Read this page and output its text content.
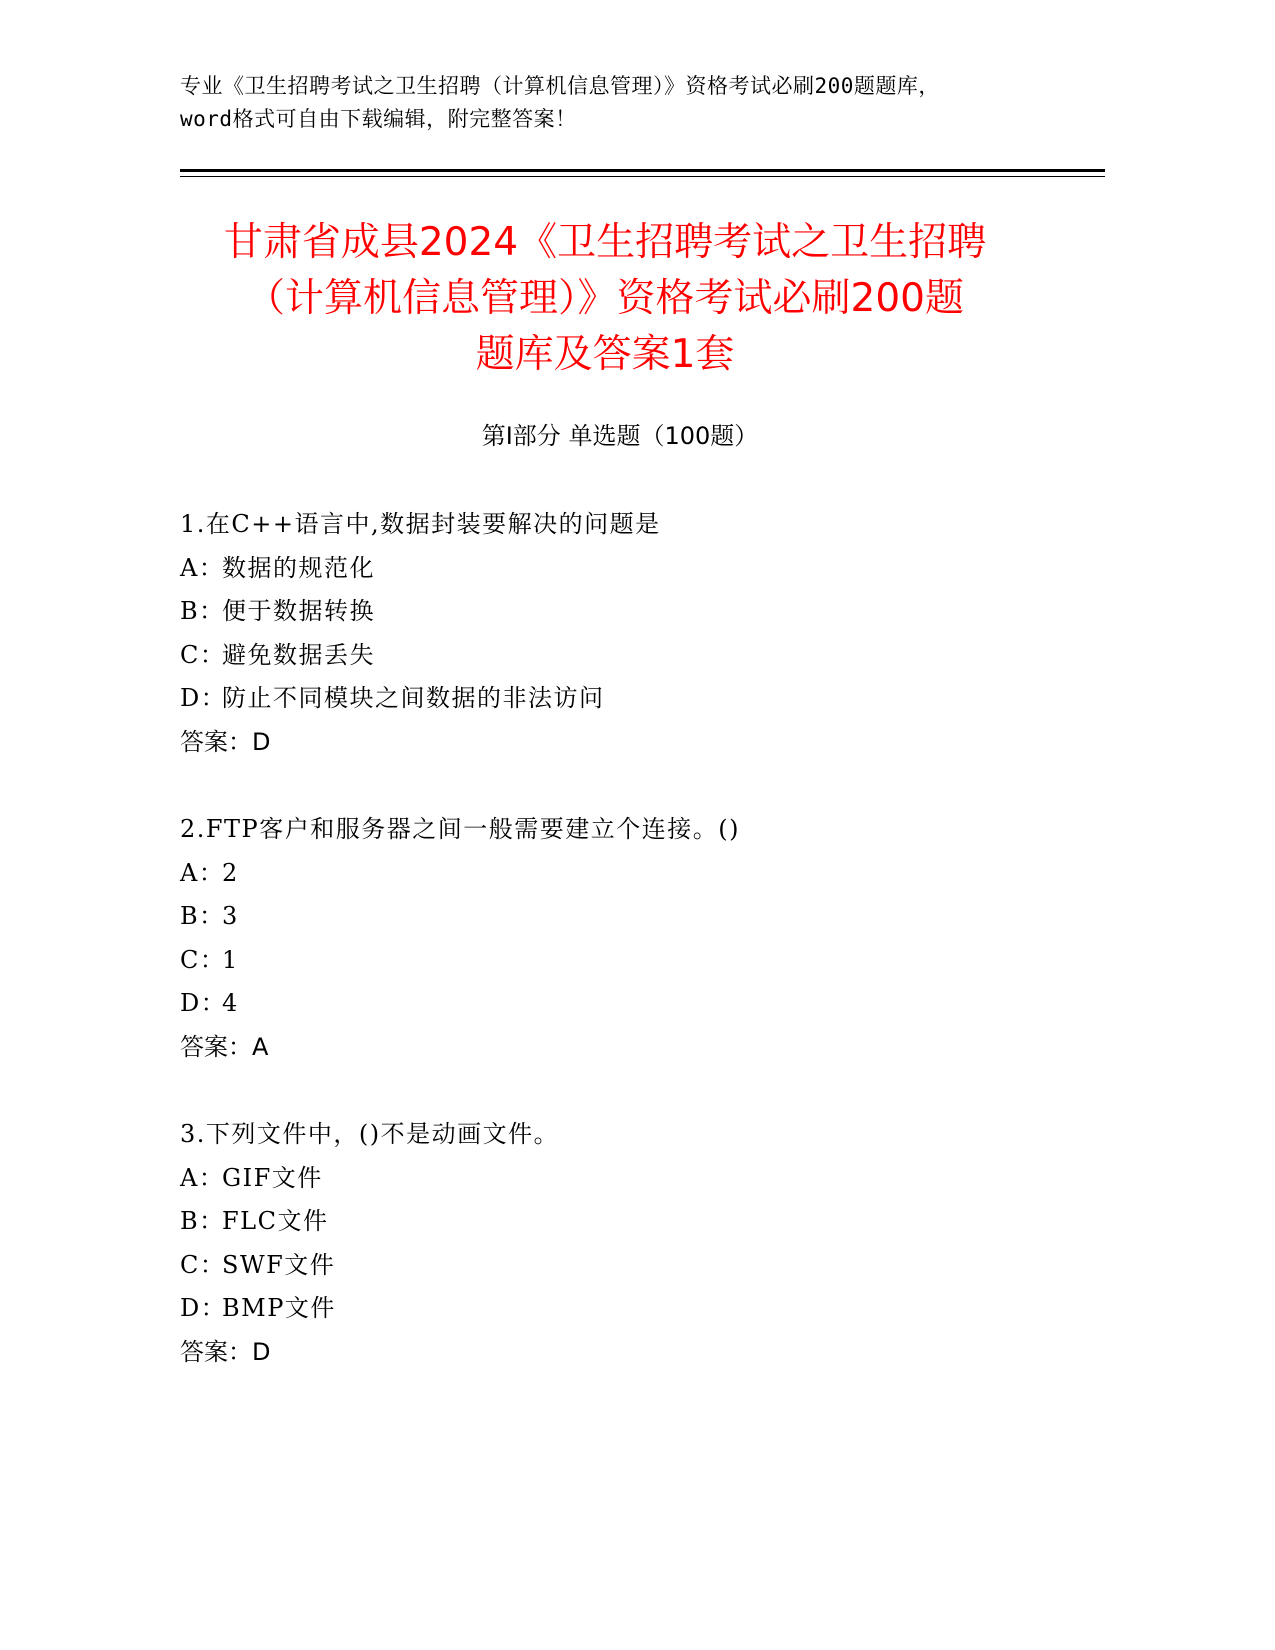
专业《卫生招聘考试之卫生招聘（计算机信息管理）》资格考试必刷200题题库，
word格式可自由下载编辑，附完整答案！
甘肃省成县2024《卫生招聘考试之卫生招聘
（计算机信息管理）》资格考试必刷200题
题库及答案1套
第Ⅰ部分 单选题（100题）
1.在C++语言中,数据封装要解决的问题是
A：数据的规范化
B：便于数据转换
C：避免数据丢失
D：防止不同模块之间数据的非法访问
答案：D
2.FTP客户和服务器之间一般需要建立个连接。()
A：2
B：3
C：1
D：4
答案：A
3.下列文件中，()不是动画文件。
A：GIF文件
B：FLC文件
C：SWF文件
D：BMP文件
答案：D
